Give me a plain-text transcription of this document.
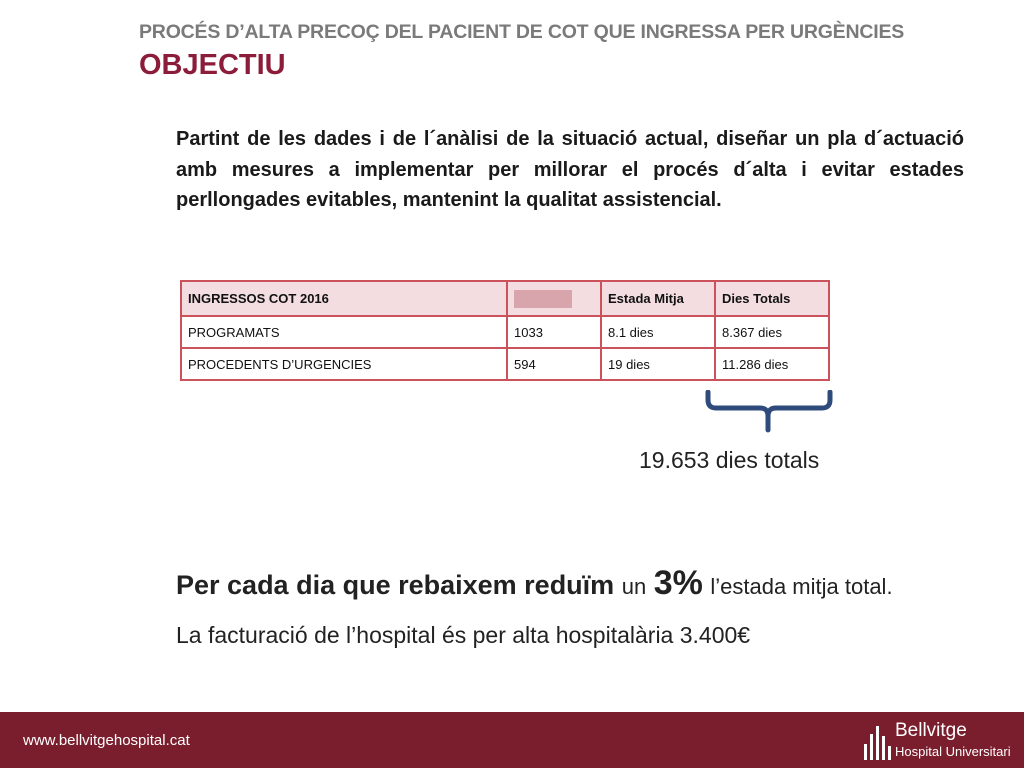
PROCÉS D’ALTA PRECOÇ DEL PACIENT DE COT QUE INGRESSA PER URGÈNCIES
OBJECTIU
Partint de les dades i de l´anàlisi de la situació actual, diseñar un pla d´actuació amb mesures a implementar per millorar el procés d´alta i evitar estades perllongades evitables, mantenint la qualitat assistencial.
INGRESSOS COT 2016		Estada Mitja	Dies Totals
PROGRAMATS	1033	8.1 dies	8.367 dies
PROCEDENTS D’URGENCIES	594	19 dies	11.286 dies
19.653 dies totals
Per cada dia que rebaixem reduïm un 3% l’estada mitja total.
La facturació de l’hospital és per alta hospitalària 3.400€
www.bellvitgehospital.cat	Bellvitge
Hospital Universitari
